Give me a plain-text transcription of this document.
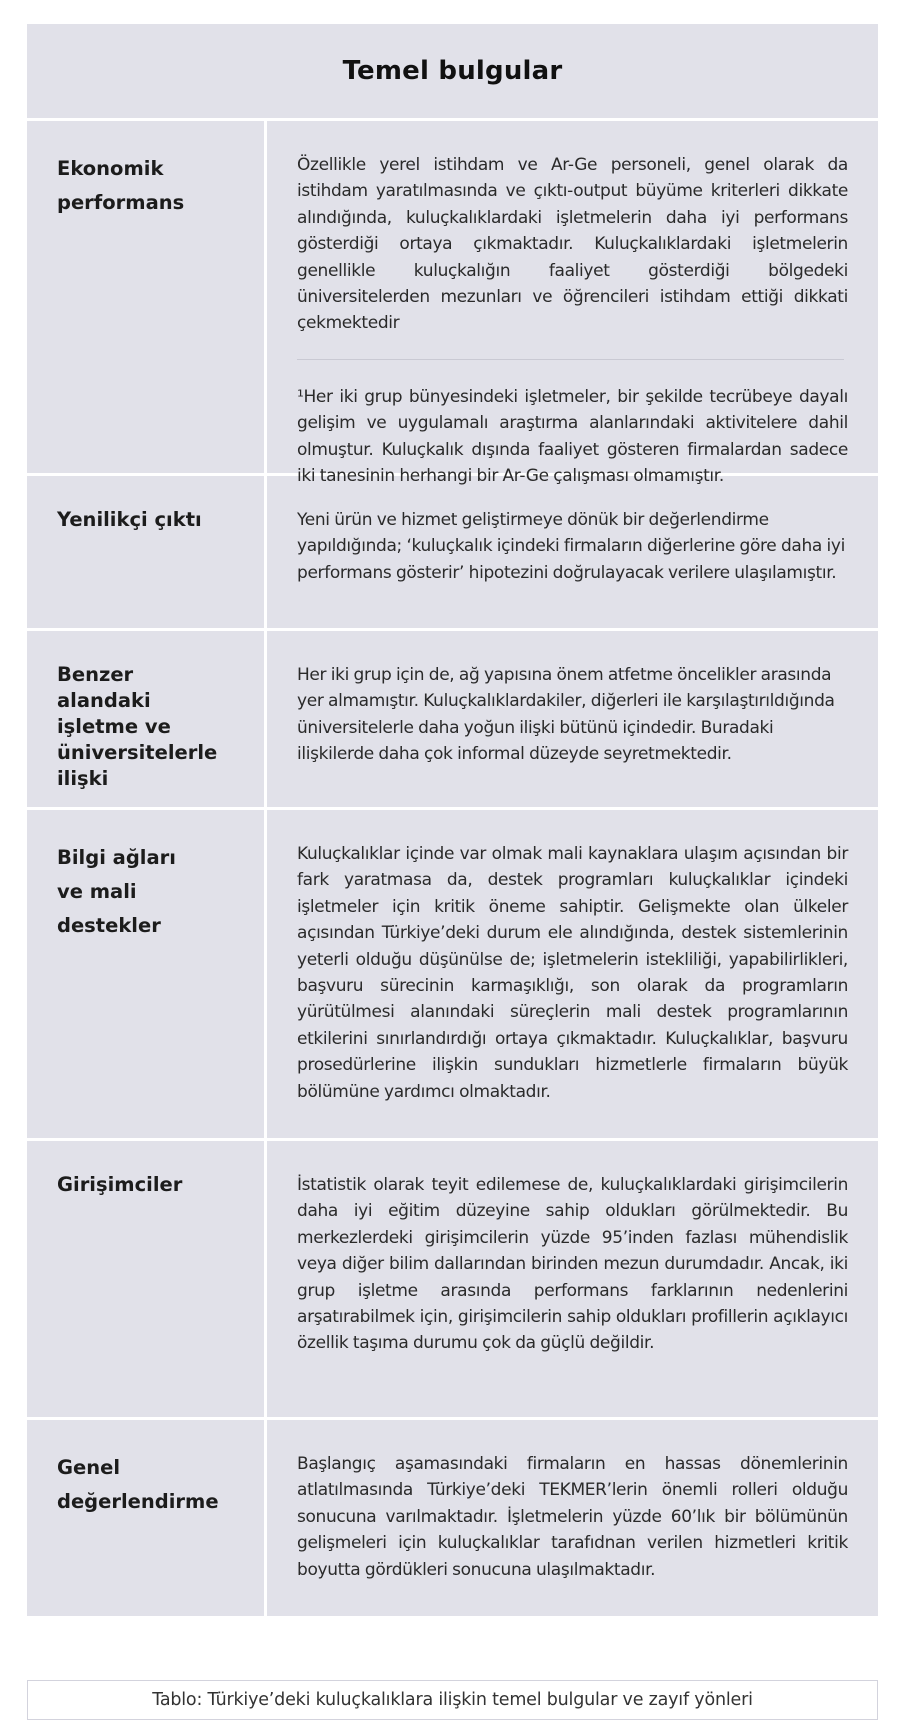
Temel bulgular
Ekonomik performans

Özellikle yerel istihdam ve Ar-Ge personeli, genel olarak da istihdam yaratılmasında ve çıktı-output büyüme kriterleri dikkate alındığında, kuluçkalıklardaki işletmelerin daha iyi performans gösterdiği ortaya çıkmaktadır. Kuluçkalıklardaki işletmelerin genellikle kuluçkalığın faaliyet gösterdiği bölgedeki üniversitelerden mezunları ve öğrencileri istihdam ettiği dikkati çekmektedir

¹Her iki grup bünyesindeki işletmeler, bir şekilde tecrübeye dayalı gelişim ve uygulamalı araştırma alanlarındaki aktivitelere dahil olmuştur. Kuluçkalık dışında faaliyet gösteren firmalardan sadece iki tanesinin herhangi bir Ar-Ge çalışması olmamıştır.

Yenilikçi çıktı	Yeni ürün ve hizmet geliştirmeye dönük bir değerlendirme yapıldığında; ‘kuluçkalık içindeki firmaların diğerlerine göre daha iyi performans gösterir’ hipotezini doğrulayacak verilere ulaşılamıştır.

Benzer alandaki işletme ve üniversitelerle ilişki

Her iki grup için de, ağ yapısına önem atfetme öncelikler arasında yer almamıştır. Kuluçkalıklardakiler, diğerleri ile karşılaştırıldığında üniversitelerle daha yoğun ilişki bütünü içindedir. Buradaki ilişkilerde daha çok informal düzeyde seyretmektedir.

Bilgi ağları ve mali destekler

Kuluçkalıklar içinde var olmak mali kaynaklara ulaşım açısından bir fark yaratmasa da, destek programları kuluçkalıklar içindeki işletmeler için kritik öneme sahiptir. Gelişmekte olan ülkeler açısından Türkiye’deki durum ele alındığında, destek sistemlerinin yeterli olduğu düşünülse de; işletmelerin istekliliği, yapabilirlikleri, başvuru sürecinin karmaşıklığı, son olarak da programların yürütülmesi alanındaki süreçlerin mali destek programlarının etkilerini sınırlandırdığı ortaya çıkmaktadır. Kuluçkalıklar, başvuru prosedürlerine ilişkin sundukları hizmetlerle firmaların büyük bölümüne yardımcı olmaktadır.

Girişimciler	İstatistik olarak teyit edilemese de, kuluçkalıklardaki girişimcilerin daha iyi eğitim düzeyine sahip oldukları görülmektedir. Bu merkezlerdeki girişimcilerin yüzde 95’inden fazlası mühendislik veya diğer bilim dallarından birinden mezun durumdadır. Ancak, iki grup işletme arasında performans farklarının nedenlerini arşatırabilmek için, girişimcilerin sahip oldukları profillerin açıklayıcı özellik taşıma durumu çok da güçlü değildir.

Genel değerlendirme

Başlangıç aşamasındaki firmaların en hassas dönemlerinin atlatılmasında Türkiye’deki TEKMER’lerin önemli rolleri olduğu sonucuna varılmaktadır. İşletmelerin yüzde 60’lık bir bölümünün gelişmeleri için kuluçkalıklar tarafıdnan verilen hizmetleri kritik boyutta gördükleri sonucuna ulaşılmaktadır.

Tablo: Türkiye’deki kuluçkalıklara ilişkin temel bulgular ve zayıf yönleri
